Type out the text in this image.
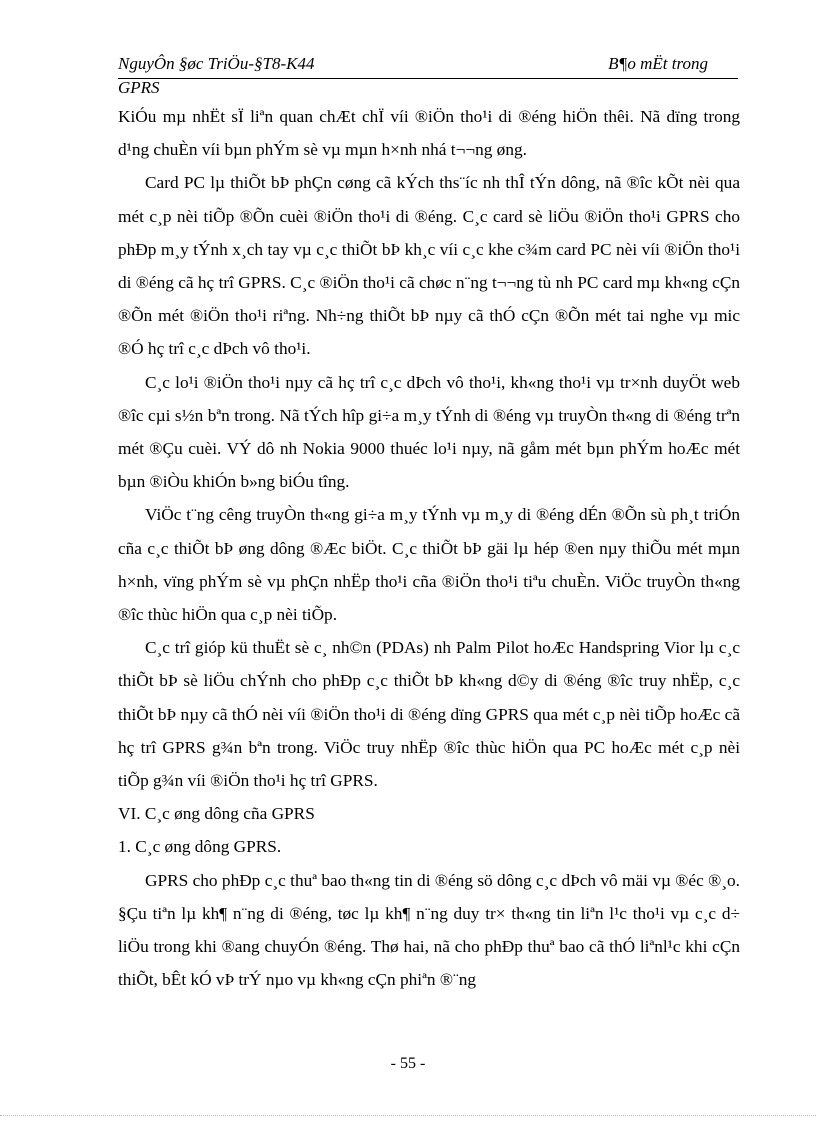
NguyÔn §øc TriÖu-§T8-K44	B¶o mËt trong
GPRS

KiÓu mµ nhËt sÏ liªn quan chÆt chÏ víi ®iÖn tho¹i di ®éng hiÖn thêi. Nã dïng trong d¹ng chuÈn víi bµn phÝm sè vµ mµn h×nh nhá t¬¬ng øng.

Card PC lµ thiÕt bÞ phÇn cøng cã kÝch ths¨íc nh thÎ tÝn dông, nã ®îc kÕt nèi qua mét c¸p nèi tiÕp ®Õn cuèi ®iÖn tho¹i di ®éng. C¸c card sè liÖu ®iÖn tho¹i GPRS cho phÐp m¸y tÝnh x¸ch tay vµ c¸c thiÕt bÞ kh¸c víi c¸c khe c¾m card PC nèi víi ®iÖn tho¹i di ®éng cã hç trî GPRS. C¸c ®iÖn tho¹i cã chøc n¨ng t¬¬ng tù nh PC card mµ kh«ng cÇn ®Õn mét ®iÖn tho¹i riªng. Nh÷ng thiÕt bÞ nµy cã thÓ cÇn ®Õn mét tai nghe vµ mic ®Ó hç trî c¸c dÞch vô tho¹i.

C¸c lo¹i ®iÖn tho¹i nµy cã hç trî c¸c dÞch vô tho¹i, kh«ng tho¹i vµ tr×nh duyÖt web ®îc cµi s½n bªn trong. Nã tÝch hîp gi÷a m¸y tÝnh di ®éng vµ truyÒn th«ng di ®éng trªn mét ®Çu cuèi. VÝ dô nh Nokia 9000 thuéc lo¹i nµy, nã gåm mét bµn phÝm hoÆc mét bµn ®iÒu khiÓn b»ng biÓu tîng.

ViÖc t¨ng cêng truyÒn th«ng gi÷a m¸y tÝnh vµ m¸y di ®éng dÉn ®Õn sù ph¸t triÓn cña c¸c thiÕt bÞ øng dông ®Æc biÖt. C¸c thiÕt bÞ gäi lµ hép ®en nµy thiÕu mét mµn h×nh, vïng phÝm sè vµ phÇn nhËp tho¹i cña ®iÖn tho¹i tiªu chuÈn. ViÖc truyÒn th«ng ®îc thùc hiÖn qua c¸p nèi tiÕp.

C¸c trî gióp kü thuËt sè c¸ nh©n (PDAs) nh Palm Pilot hoÆc Handspring Vior lµ c¸c thiÕt bÞ sè liÖu chÝnh cho phÐp c¸c thiÕt bÞ kh«ng d©y di ®éng ®îc truy nhËp, c¸c thiÕt bÞ nµy cã thÓ nèi víi ®iÖn tho¹i di ®éng dïng GPRS qua mét c¸p nèi tiÕp hoÆc cã hç trî GPRS g¾n bªn trong. ViÖc truy nhËp ®îc thùc hiÖn qua PC hoÆc mét c¸p nèi tiÕp g¾n víi ®iÖn tho¹i hç trî GPRS.

VI. C¸c øng dông cña GPRS

1. C¸c øng dông GPRS.

GPRS cho phÐp c¸c thuª bao th«ng tin di ®éng sö dông c¸c dÞch vô mäi vµ ®éc ®¸o. §Çu tiªn lµ kh¶ n¨ng di ®éng, tøc lµ kh¶ n¨ng duy tr× th«ng tin liªn l¹c tho¹i vµ c¸c d÷ liÖu trong khi ®ang chuyÓn ®éng. Thø hai, nã cho phÐp thuª bao cã thÓ liªnl¹c khi cÇn thiÕt, bÊt kÓ vÞ trÝ nµo vµ kh«ng cÇn phiªn ®¨ng

- 55 -
